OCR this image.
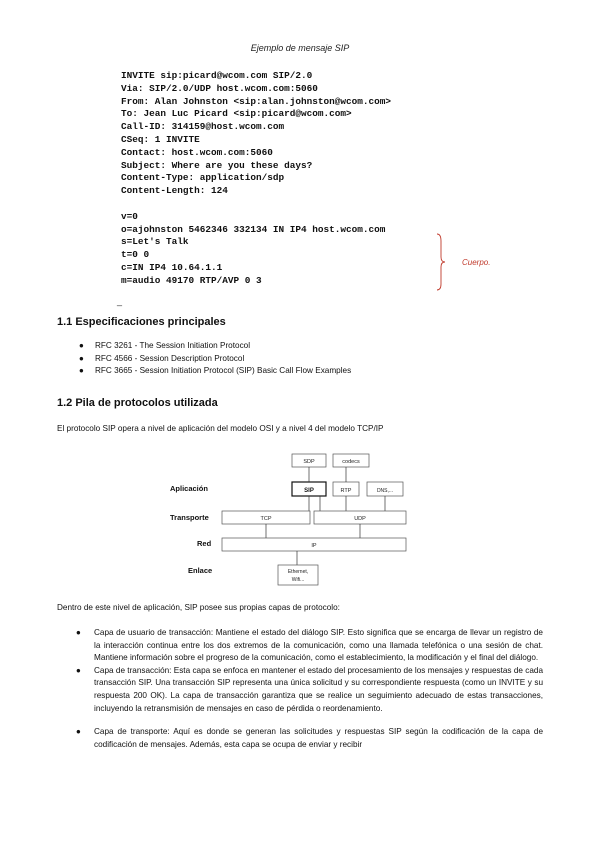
Ejemplo de mensaje SIP
INVITE sip:picard@wcom.com SIP/2.0
Via: SIP/2.0/UDP host.wcom.com:5060
From: Alan Johnston <sip:alan.johnston@wcom.com>
To: Jean Luc Picard <sip:picard@wcom.com>
Call-ID: 314159@host.wcom.com
CSeq: 1 INVITE
Contact: host.wcom.com:5060
Subject: Where are you these days?
Content-Type: application/sdp
Content-Length: 124
v=0
o=ajohnston 5462346 332134 IN IP4 host.wcom.com
s=Let's Talk
t=0 0
c=IN IP4 10.64.1.1
m=audio 49170 RTP/AVP 0 3
Cuerpo.
_
1.1 Especificaciones principales
● RFC 3261 - The Session Initiation Protocol
● RFC 4566 - Session Description Protocol
● RFC 3665 - Session Initiation Protocol (SIP) Basic Call Flow Examples
1.2 Pila de protocolos utilizada

El protocolo SIP opera a nivel de aplicación del modelo OSI y a nivel 4 del modelo TCP/IP

Aplicación
Transporte
Red
Enlace
SDP	codecs
SIP	RTP	DNS,...
TCP	UDP
IP
Ethernet,
Wifi...

Dentro de este nivel de aplicación, SIP posee sus propias capas de protocolo:

● Capa de usuario de transacción: Mantiene el estado del diálogo SIP. Esto significa que se encarga de llevar un registro de la interacción continua entre los dos extremos de la comunicación, como una llamada telefónica o una sesión de chat. Mantiene información sobre el progreso de la comunicación, como el establecimiento, la modificación y el final del diálogo.
● Capa de transacción: Esta capa se enfoca en mantener el estado del procesamiento de los mensajes y respuestas de cada transacción SIP. Una transacción SIP representa una única solicitud y su correspondiente respuesta (como un INVITE y su respuesta 200 OK). La capa de transacción garantiza que se realice un seguimiento adecuado de estas transacciones, incluyendo la retransmisión de mensajes en caso de pérdida o reordenamiento.
● Capa de transporte: Aquí es donde se generan las solicitudes y respuestas SIP según la codificación de la capa de codificación de mensajes. Además, esta capa se ocupa de enviar y recibir
